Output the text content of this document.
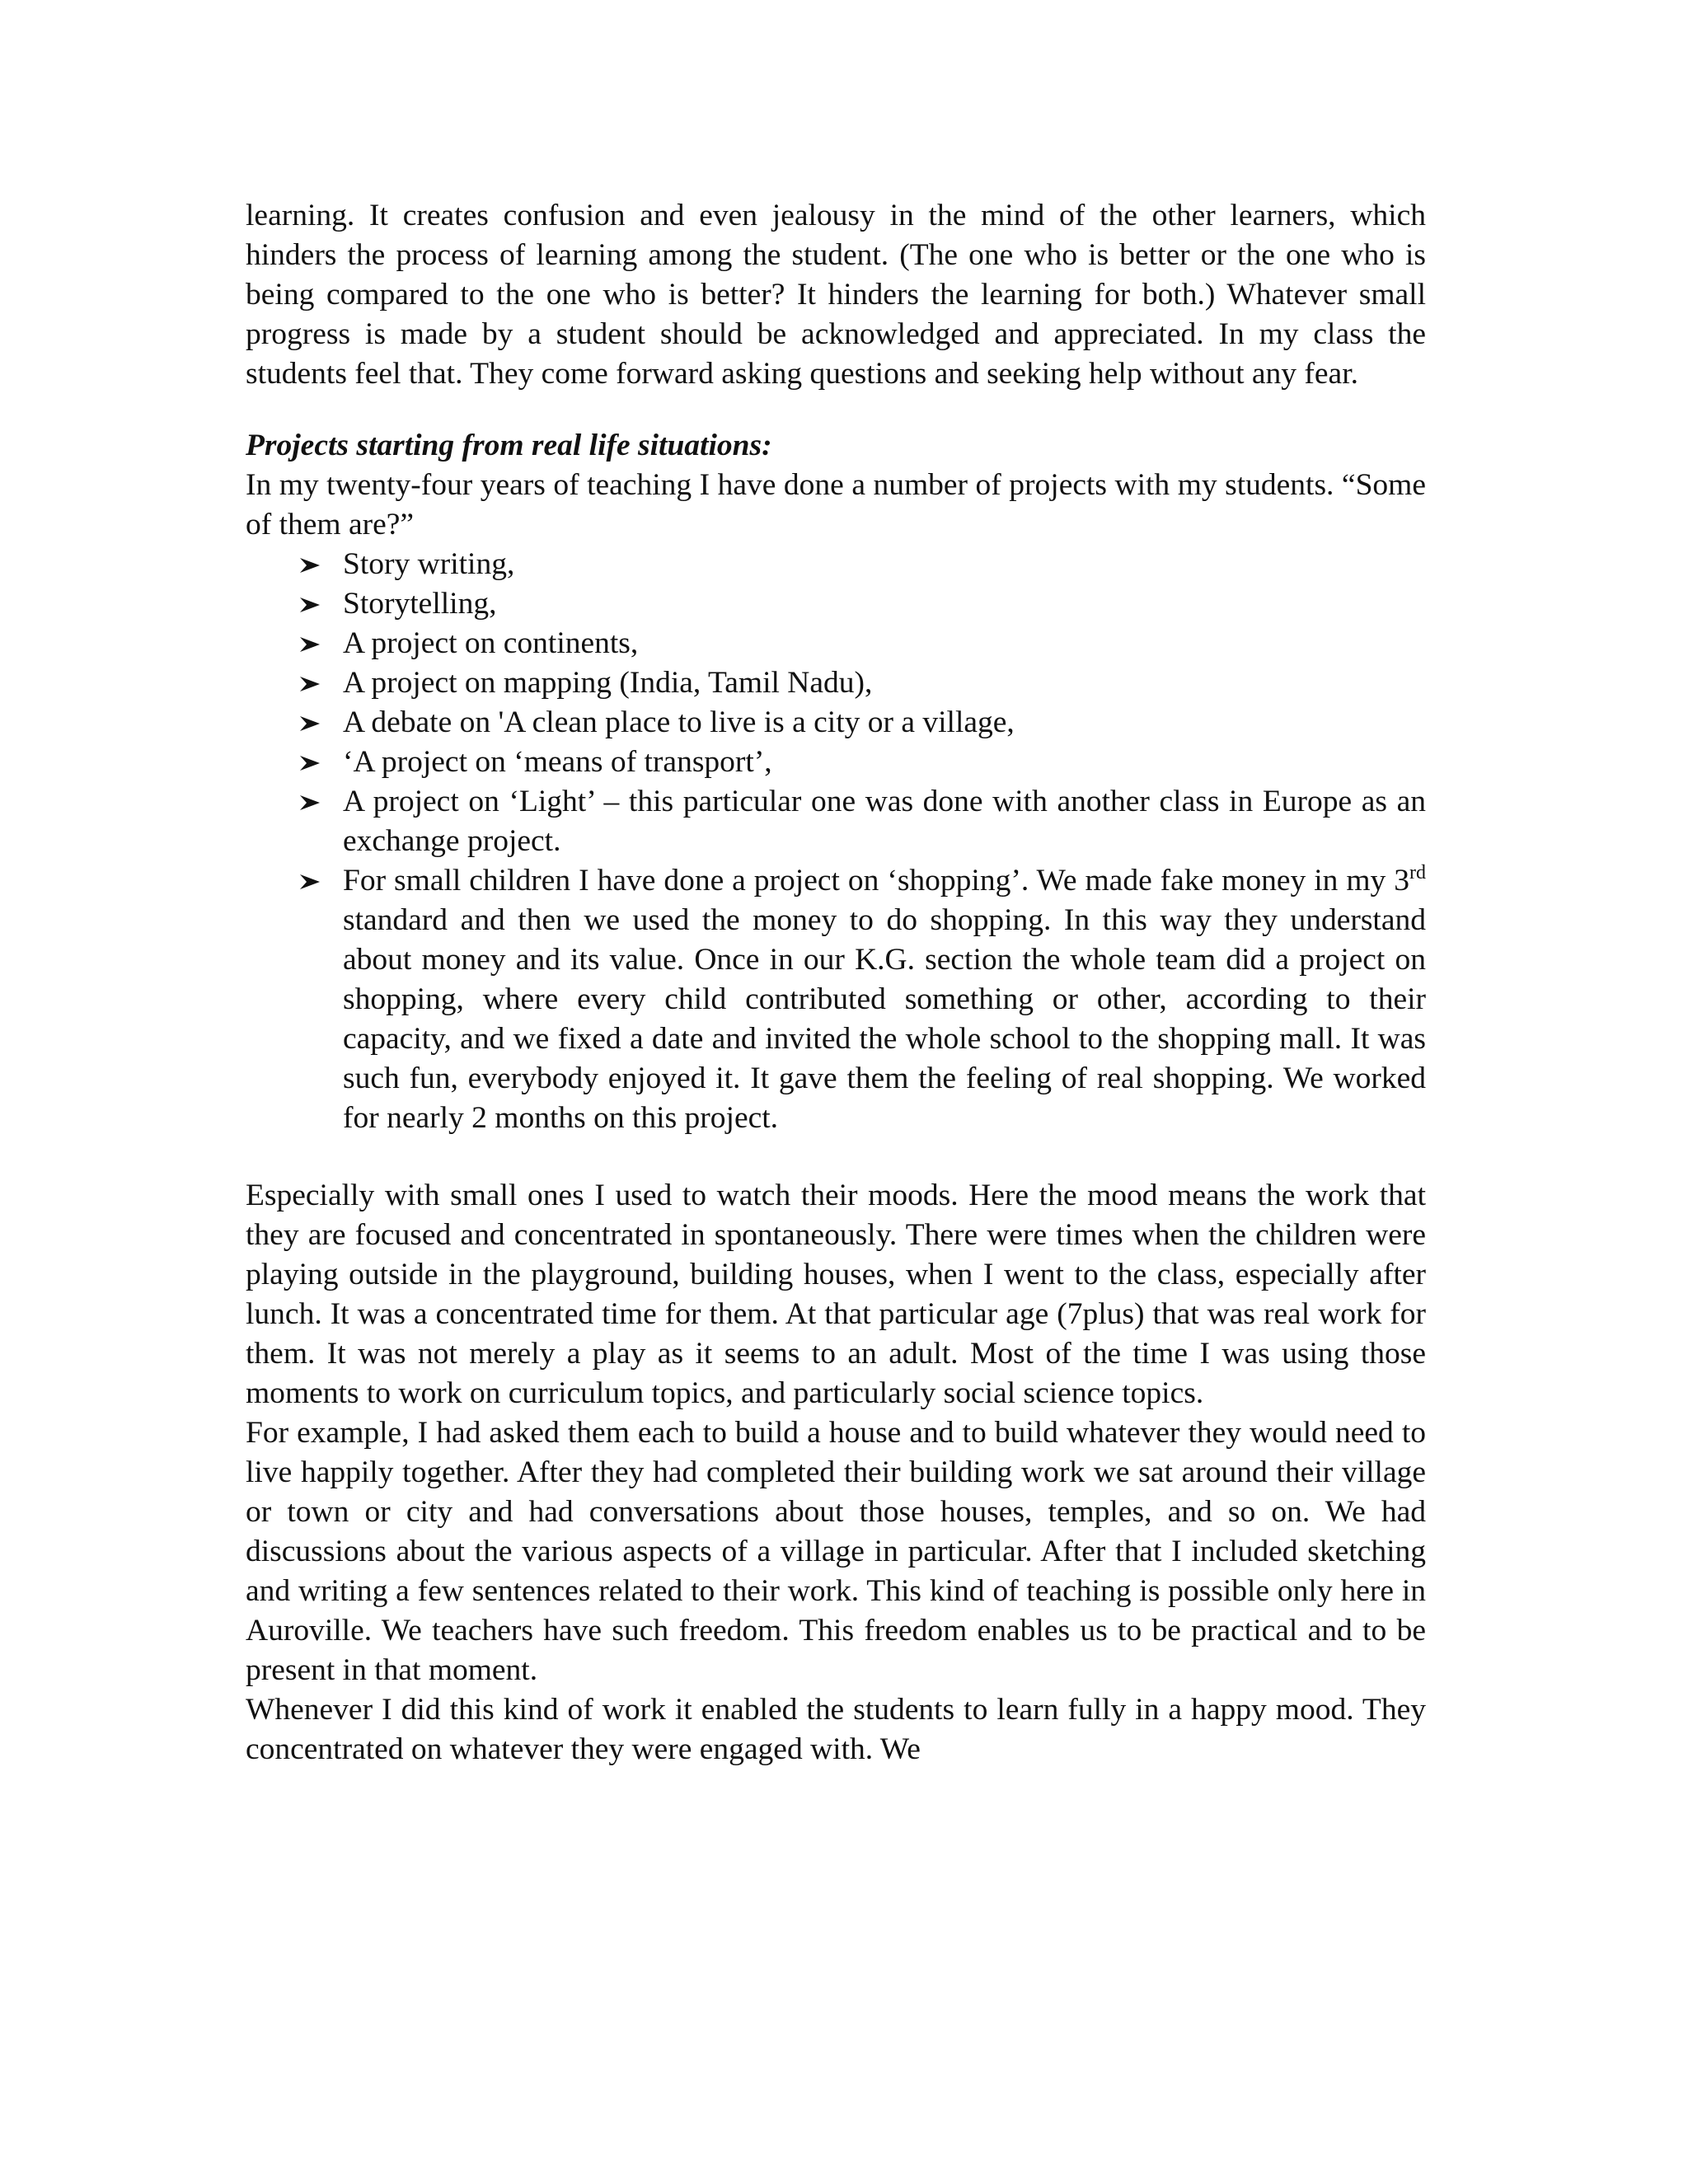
learning. It creates confusion and even jealousy in the mind of the other learners, which hinders the process of learning among the student. (The one who is better or the one who is being compared to the one who is better? It hinders the learning for both.) Whatever small progress is made by a student should be acknowledged and appreciated. In my class the students feel that. They come forward asking questions and seeking help without any fear.

Projects starting from real life situations:

In my twenty-four years of teaching I have done a number of projects with my students. “Some of them are?”

Story writing,
Storytelling,
A project on continents,
A project on mapping (India, Tamil Nadu),
A debate on 'A clean place to live is a city or a village,
‘A project on ‘means of transport’,
A project on ‘Light’ – this particular one was done with another class in Europe as an exchange project.
For small children I have done a project on ‘shopping’. We made fake money in my 3rd standard and then we used the money to do shopping. In this way they understand about money and its value. Once in our K.G. section the whole team did a project on shopping, where every child contributed something or other, according to their capacity, and we fixed a date and invited the whole school to the shopping mall. It was such fun, everybody enjoyed it. It gave them the feeling of real shopping. We worked for nearly 2 months on this project.

Especially with small ones I used to watch their moods. Here the mood means the work that they are focused and concentrated in spontaneously. There were times when the children were playing outside in the playground, building houses, when I went to the class, especially after lunch. It was a concentrated time for them. At that particular age (7plus) that was real work for them. It was not merely a play as it seems to an adult. Most of the time I was using those moments to work on curriculum topics, and particularly social science topics.

For example, I had asked them each to build a house and to build whatever they would need to live happily together. After they had completed their building work we sat around their village or town or city and had conversations about those houses, temples, and so on. We had discussions about the various aspects of a village in particular. After that I included sketching and writing a few sentences related to their work. This kind of teaching is possible only here in Auroville. We teachers have such freedom. This freedom enables us to be practical and to be present in that moment.

Whenever I did this kind of work it enabled the students to learn fully in a happy mood. They concentrated on whatever they were engaged with. We
